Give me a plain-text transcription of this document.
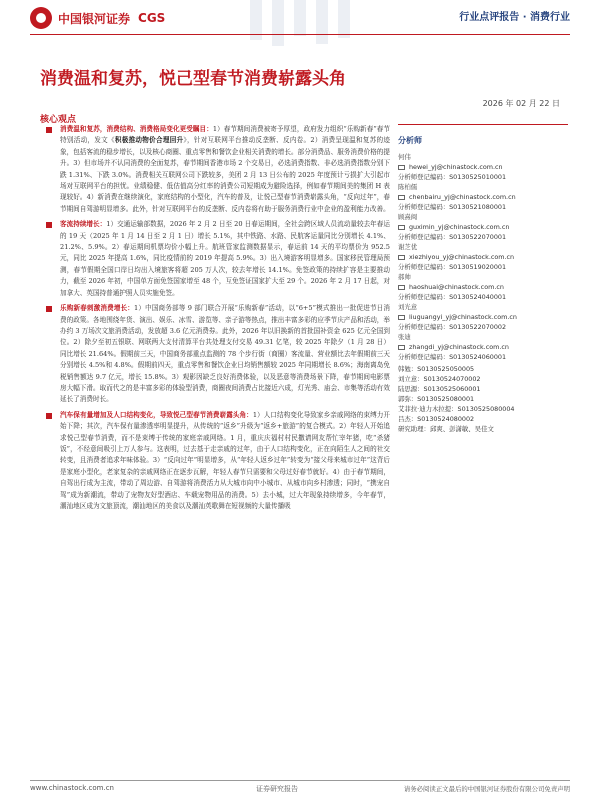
中国银河证券 CGS	行业点评报告 · 消费行业
消费温和复苏，悦己型春节消费崭露头角
2026 年 02 月 22 日
核心观点
消费温和复苏，消费结构、消费格局变化更受瞩目：1）春节期间消费被寄予厚望，政府发力组织“乐购新春”春节特别活动，发文《积极推动物价合理回升》，针对互联网平台推动反垄断、反内卷。2）消费呈现温和复苏的迹象，包括客流的稳步增长，以及核心商圈、重点零售和餐饮企业相关消费的增长。部分消费品、服务消费价格的提升。3）但市场并不认同消费的全面复苏，春节期间香港市场 2 个交易日，必选消费指数、非必选消费指数分别下跌 1.31%、下跌 3.0%。消费相关互联网公司下跌较多，美团 2 月 13 日公布的 2025 年度预计亏损扩大引起市场对互联网平台的担忧。业绩稳健、低估值高分红率的消费公司短期成为避险选择，例如春节期间美的集团 H 表现较好。4）新消费在继续演化，家庭结构的小型化，汽车的普及，让悦己型春节消费崭露头角，“反向过年”，春节期间自驾游明显增多。此外，针对互联网平台的反垄断、反内卷将有助于服务消费行业中企业的盈利能力改善。
客流持续增长：1）交通运输部数据，2026 年 2 月 2 日至 20 日春运期间，全社会跨区域人员流动量较去年春运的 19 天（2025 年 1 月 14 日至 2 月 1 日）增长 5.1%，其中铁路、水路、民航客运量同比分别增长 4.1%、21.2%、5.9%。2）春运期间机票均价小幅上升。航班管家监测数据显示，春运前 14 天的平均票价为 952.5 元，同比 2025 年提高 1.6%，同比疫情前的 2019 年提高 5.9%。3）出入境游客明显增多。国家移民管理局预测，春节假期全国口岸日均出入境旅客将超 205 万人次，较去年增长 14.1%。免签政策的持续扩容是主要推动力，截至 2026 年初，中国单方面免签国家增至 48 个，互免签证国家扩大至 29 个。2026 年 2 月 17 日起，对加拿大、英国持普通护照人员实施免签。
乐购新春刺激消费增长：1）中国商务部等 9 部门联合开展“乐购新春”活动，以“6+5”模式推出一批促进节日消费的政策。各地围绕年货、演出、娱乐、冰雪、游览等、亲子游等热点，推出丰富多彩的应季节庆产品和活动，举办约 3 万场次文旅消费活动，发放超 3.6 亿元消费券。此外，2026 年以旧换新的首批国补资金 625 亿元全国到位。2）除夕至初五银联、网联两大支付清算平台共处理支付交易 49.31 亿笔，较 2025 年除夕（1 月 28 日）同比增长 21.64%。假期前三天，中国商务部重点监测的 78 个步行街（商圈）客流量、营业额比去年假期前三天分别增长 4.5%和 4.8%。假期前四天，重点零售和餐饮企业日均销售额较 2025 年同期增长 8.6%；海南离岛免税销售额达 9.7 亿元，增长 15.8%。3）观影因缺乏良好消费体验，以及恶意等消费场景下降，春节期间电影票房大幅下滑。取而代之的是丰富多彩的体验型消费，商圈夜间消费占比接近六成，灯光秀、庙会、市集等活动有效延长了消费时长。
汽车保有量增加及人口结构变化，导致悦己型春节消费崭露头角：1）人口结构变化导致家乡亲戚网络的束缚力开始下降；其次，汽车保有量渗透率明显提升，从传统的“返乡”升级为“返乡+旅游”的复合模式。2）年轻人开始追求悦己型春节消费，而不是束缚于传统的家庭亲戚网络。1 月，重庆庆福村村民撒请网友帮忙宰年猪，吃“杀猪饭”，不经意间吸引上万人参与。这表明，过去基于走亲戚的过年，由于人口结构变化，正在向陌生人之间的社交转变，且消费者追求年味体验。3）“反向过年”明显增多，从“年轻人返乡过年”转变为“接父母来城市过年”这背后是家庭小型化，老家复杂的亲戚网络正在逐步瓦解，年轻人春节只需要和父母过好春节就好。4）由于春节期间，自驾出行成为主流，带动了周边游、自驾游将消费活力从大城市向中小城市、从城市向乡村渗透；同时，“携宠自驾”成为新潮流，带动了宠物友好型酒店、车载宠物用品的消费。5）去小城，过大年现象持续增多，今年春节，潮汕地区成为文旅顶流，潮汕地区的美食以及潮汕英歌舞在短视频的大量传播吸
分析师
何伟
hewei_yj@chinastock.com.cn
分析师登记编码：S0130525010001
陈柏儒
chenbairu_yj@chinastock.com.cn
分析师登记编码：S0130521080001
顾熹闽
guximin_yj@chinastock.com.cn
分析师登记编码：S0130522070001
谢芝优
xiezhiyou_yj@chinastock.com.cn
分析师登记编码：S0130519020001
郝帅
haoshuai@chinastock.com.cn
分析师登记编码：S0130524040001
刘光意
liuguangyi_yj@chinastock.com.cn
分析师登记编码：S0130522070002
张迪
zhangdi_yj@chinastock.com.cn
分析师登记编码：S0130524060001
韩勉：S0130525050005
刘立意：S0130524070002
陆思源：S0130525060001
郭弥：S0130525080001
艾菲拉·迪力木拉提：S0130525080004
吕杰：S0130524080002
研究助理：邱爽、彭潇敏、吴佳文
www.chinastock.com.cn	证券研究报告	请务必阅读正文最后的中国银河证券股份有限公司免责声明
